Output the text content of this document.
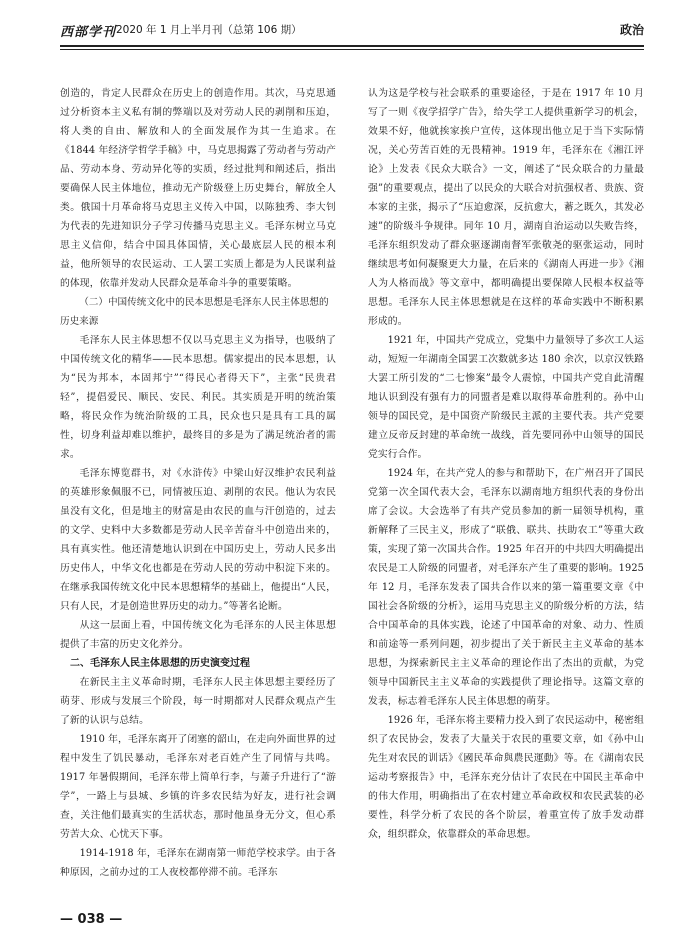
西部学刊 2020 年 1 月上半月刊（总第 106 期）	政治

创造的，肯定人民群众在历史上的创造作用。其次，马克思通过分析资本主义私有制的弊端以及对劳动人民的剥削和压迫，将人类的自由、解放和人的全面发展作为其一生追求。在《1844 年经济学哲学手稿》中，马克思揭露了劳动者与劳动产品、劳动本身、劳动异化等的实质，经过批判和阐述后，指出要确保人民主体地位，推动无产阶级登上历史舞台，解放全人类。俄国十月革命将马克思主义传入中国，以陈独秀、李大钊为代表的先进知识分子学习传播马克思主义。毛泽东树立马克思主义信仰，结合中国具体国情，关心最底层人民的根本利益，他所领导的农民运动、工人罢工实质上都是为人民谋利益的体现，依靠并发动人民群众是革命斗争的重要策略。

（二）中国传统文化中的民本思想是毛泽东人民主体思想的历史来源

毛泽东人民主体思想不仅以马克思主义为指导，也吸纳了中国传统文化的精华——民本思想。儒家提出的民本思想，认为“民为邦本，本固邦宁”“得民心者得天下”，主张“民贵君轻”，提倡爱民、顺民、安民、利民。其实质是开明的统治策略，将民众作为统治阶级的工具，民众也只是具有工具的属性，切身利益却难以维护，最终目的多是为了满足统治者的需求。

毛泽东博览群书，对《水浒传》中梁山好汉维护农民利益的英雄形象佩服不已，同情被压迫、剥削的农民。他认为农民虽没有文化，但是地主的财富是由农民的血与汗创造的，过去的文学、史料中大多数都是劳动人民辛苦奋斗中创造出来的，具有真实性。他还清楚地认识到在中国历史上，劳动人民多出历史伟人，中华文化也都是在劳动人民的劳动中积淀下来的。在继承我国传统文化中民本思想精华的基础上，他提出“人民，只有人民，才是创造世界历史的动力。”等著名论断。

从这一层面上看，中国传统文化为毛泽东的人民主体思想提供了丰富的历史文化养分。

二、毛泽东人民主体思想的历史演变过程

在新民主主义革命时期，毛泽东人民主体思想主要经历了萌芽、形成与发展三个阶段，每一时期都对人民群众观点产生了新的认识与总结。

1910 年，毛泽东离开了闭塞的韶山，在走向外面世界的过程中发生了饥民暴动，毛泽东对老百姓产生了同情与共鸣。1917 年暑假期间，毛泽东带上简单行李，与萧子升进行了“游学”，一路上与县城、乡镇的许多农民结为好友，进行社会调查，关注他们最真实的生活状态，那时他虽身无分文，但心系劳苦大众、心忧天下事。

1914-1918 年，毛泽东在湖南第一师范学校求学。由于各种原因，之前办过的工人夜校都停滞不前。毛泽东

认为这是学校与社会联系的重要途径，于是在 1917 年 10 月写了一则《夜学招学广告》，给失学工人提供重新学习的机会，效果不好，他就挨家挨户宣传，这体现出他立足于当下实际情况，关心劳苦百姓的无畏精神。1919 年，毛泽东在《湘江评论》上发表《民众大联合》一文，阐述了“民众联合的力量最强”的重要观点，提出了以民众的大联合对抗强权者、贵族、资本家的主张，揭示了“压迫愈深，反抗愈大，蓄之既久，其发必速”的阶级斗争规律。同年 10 月，湖南自治运动以失败告终，毛泽东组织发动了群众驱逐湖南督军张敬尧的驱张运动，同时继续思考如何凝聚更大力量，在后来的《湖南人再进一步》《湘人为人格而战》等文章中，都明确提出要保障人民根本权益等思想。毛泽东人民主体思想就是在这样的革命实践中不断积累形成的。

1921 年，中国共产党成立，党集中力量领导了多次工人运动，短短一年湖南全国罢工次数就多达 180 余次，以京汉铁路大罢工所引发的“二七惨案”最令人震惊，中国共产党自此清醒地认识到没有强有力的同盟者是难以取得革命胜利的。孙中山领导的国民党，是中国资产阶级民主派的主要代表。共产党要建立反帝反封建的革命统一战线，首先要同孙中山领导的国民党实行合作。

1924 年，在共产党人的参与和帮助下，在广州召开了国民党第一次全国代表大会，毛泽东以湖南地方组织代表的身份出席了会议。大会选举了有共产党员参加的新一届领导机构，重新解释了三民主义，形成了“联俄、联共、扶助农工”等重大政策，实现了第一次国共合作。1925 年召开的中共四大明确提出农民是工人阶级的同盟者，对毛泽东产生了重要的影响。1925 年 12 月，毛泽东发表了国共合作以来的第一篇重要文章《中国社会各阶级的分析》，运用马克思主义的阶级分析的方法，结合中国革命的具体实践，论述了中国革命的对象、动力、性质和前途等一系列问题，初步提出了关于新民主主义革命的基本思想，为探索新民主主义革命的理论作出了杰出的贡献，为党领导中国新民主主义革命的实践提供了理论指导。这篇文章的发表，标志着毛泽东人民主体思想的萌芽。

1926 年，毛泽东将主要精力投入到了农民运动中，秘密组织了农民协会，发表了大量关于农民的重要文章，如《孙中山先生对农民的训话》《國民革命與農民運動》等。在《湖南农民运动考察报告》中，毛泽东充分估计了农民在中国民主革命中的伟大作用，明确指出了在农村建立革命政权和农民武装的必要性，科学分析了农民的各个阶层，着重宣传了放手发动群众，组织群众，依靠群众的革命思想。

— 038 —
